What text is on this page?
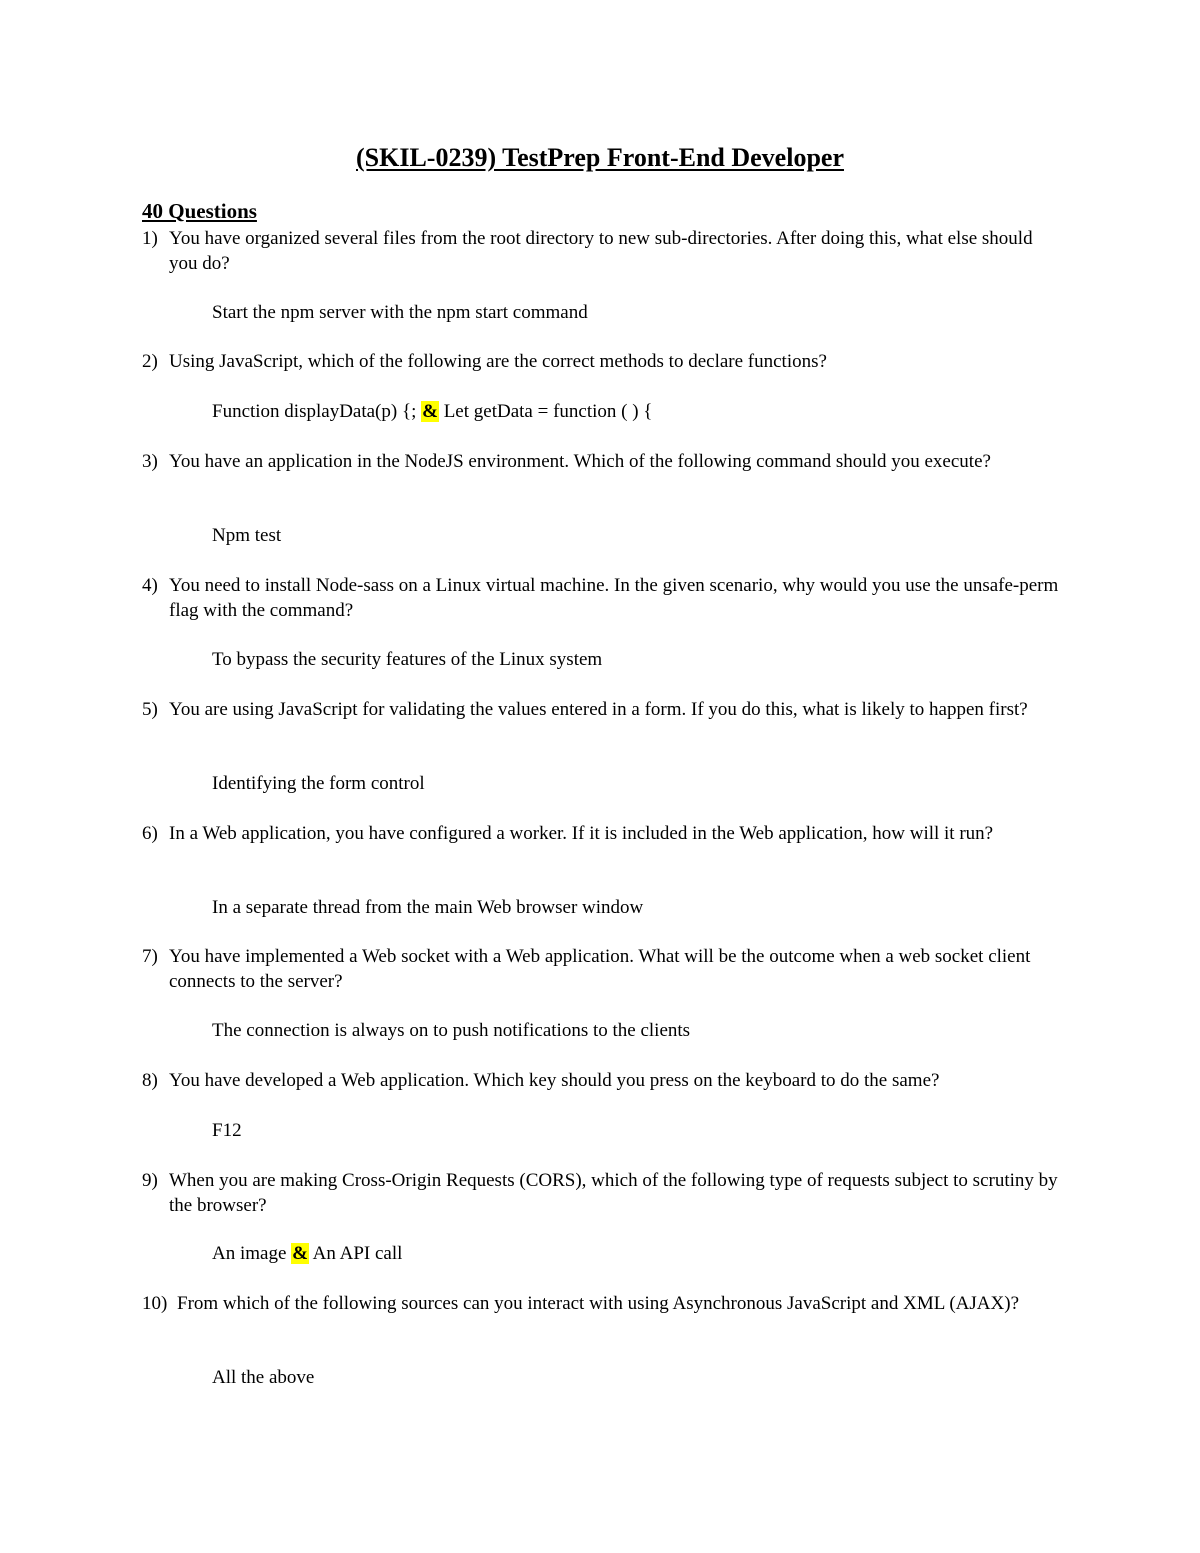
(SKIL-0239) TestPrep Front-End Developer
40 Questions
1) You have organized several files from the root directory to new sub-directories. After doing this, what else should you do?
Start the npm server with the npm start command
2) Using JavaScript, which of the following are the correct methods to declare functions?
Function displayData(p) {; & Let getData = function ( ) {
3) You have an application in the NodeJS environment. Which of the following command should you execute?
Npm test
4) You need to install Node-sass on a Linux virtual machine. In the given scenario, why would you use the unsafe-perm flag with the command?
To bypass the security features of the Linux system
5) You are using JavaScript for validating the values entered in a form. If you do this, what is likely to happen first?
Identifying the form control
6) In a Web application, you have configured a worker. If it is included in the Web application, how will it run?
In a separate thread from the main Web browser window
7) You have implemented a Web socket with a Web application. What will be the outcome when a web socket client connects to the server?
The connection is always on to push notifications to the clients
8) You have developed a Web application. Which key should you press on the keyboard to do the same?
F12
9) When you are making Cross-Origin Requests (CORS), which of the following type of requests subject to scrutiny by the browser?
An image & An API call
10) From which of the following sources can you interact with using Asynchronous JavaScript and XML (AJAX)?
All the above
